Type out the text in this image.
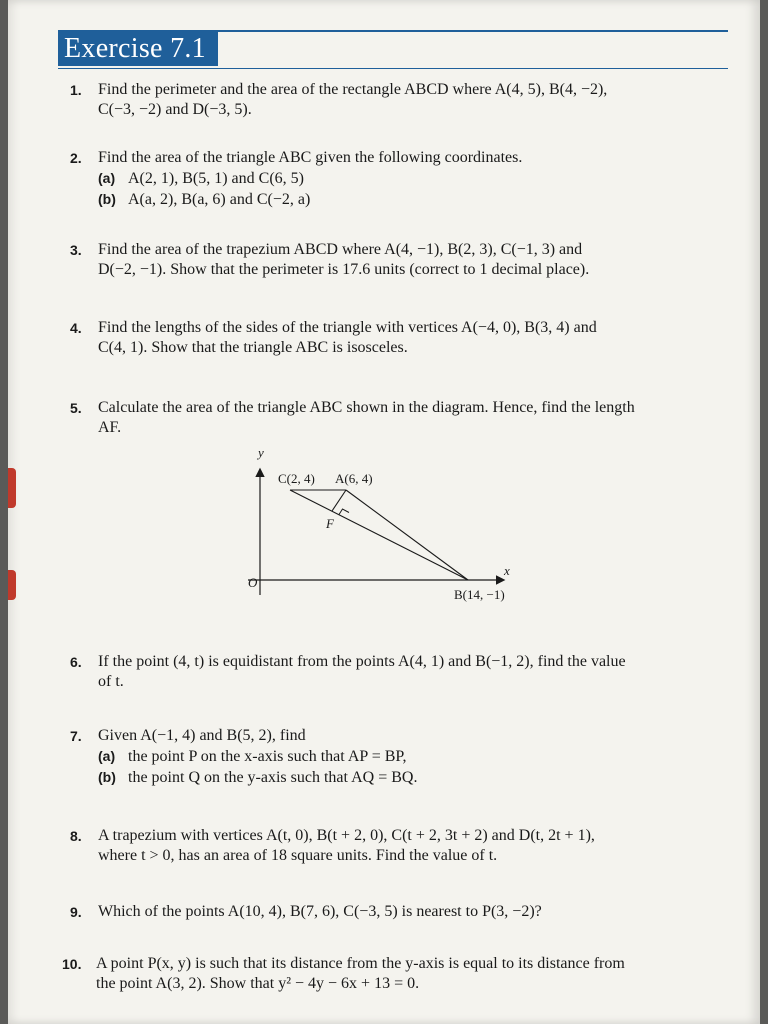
Exercise 7.1
1. Find the perimeter and the area of the rectangle ABCD where A(4, 5), B(4, −2),
C(−3, −2) and D(−3, 5).
2. Find the area of the triangle ABC given the following coordinates.
(a) A(2, 1), B(5, 1) and C(6, 5)
(b) A(a, 2), B(a, 6) and C(−2, a)
3. Find the area of the trapezium ABCD where A(4, −1), B(2, 3), C(−1, 3) and
D(−2, −1). Show that the perimeter is 17.6 units (correct to 1 decimal place).
4. Find the lengths of the sides of the triangle with vertices A(−4, 0), B(3, 4) and
C(4, 1). Show that the triangle ABC is isosceles.
5. Calculate the area of the triangle ABC shown in the diagram. Hence, find the length
AF.
y
x
O
C(2, 4) A(6, 4)
F
B(14, −1)
6. If the point (4, t) is equidistant from the points A(4, 1) and B(−1, 2), find the value
of t.
7. Given A(−1, 4) and B(5, 2), find
(a) the point P on the x-axis such that AP = BP,
(b) the point Q on the y-axis such that AQ = BQ.
8. A trapezium with vertices A(t, 0), B(t + 2, 0), C(t + 2, 3t + 2) and D(t, 2t + 1),
where t > 0, has an area of 18 square units. Find the value of t.
9. Which of the points A(10, 4), B(7, 6), C(−3, 5) is nearest to P(3, −2)?
10. A point P(x, y) is such that its distance from the y-axis is equal to its distance from
the point A(3, 2). Show that y² − 4y − 6x + 13 = 0.
